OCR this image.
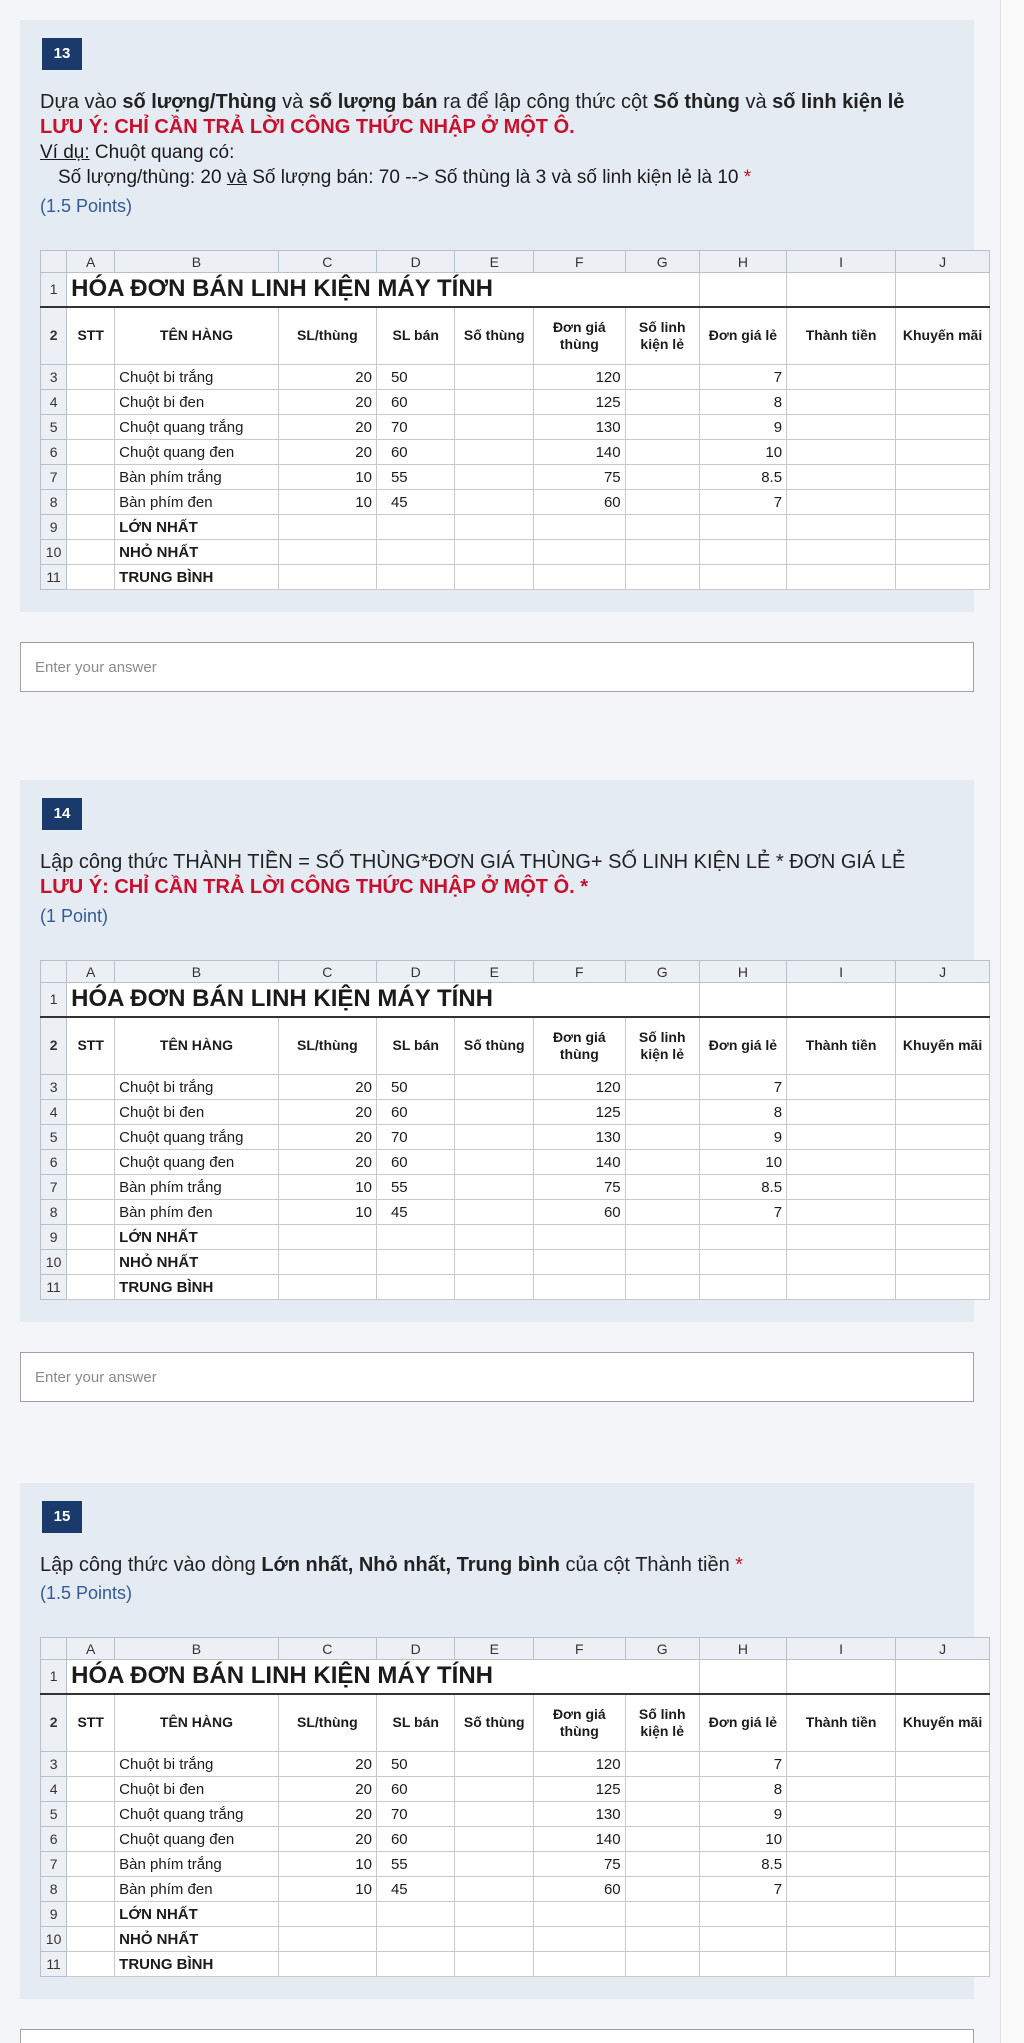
13
Dựa vào số lượng/Thùng và số lượng bán ra để lập công thức cột Số thùng và số linh kiện lẻ
LƯU Ý: CHỈ CẦN TRẢ LỜI CÔNG THỨC NHẬP Ở MỘT Ô.
Ví dụ: Chuột quang có:
Số lượng/thùng: 20 và Số lượng bán: 70 --> Số thùng là 3 và số linh kiện lẻ là 10 *
(1.5 Points)
	A	B	C	D	E	F	G	H	I	J
1	HÓA ĐƠN BÁN LINH KIỆN MÁY TÍNH									
2	STT	TÊN HÀNG	SL/thùng	SL bán	Số thùng	Đơn giá thùng	Số linh kiện lẻ	Đơn giá lẻ	Thành tiền	Khuyến mãi
3		Chuột bi trắng	20	50		120		7		
4		Chuột bi đen	20	60		125		8		
5		Chuột quang trắng	20	70		130		9		
6		Chuột quang đen	20	60		140		10		
7		Bàn phím trắng	10	55		75		8.5		
8		Bàn phím đen	10	45		60		7		
9		LỚN NHẤT								
10		NHỎ NHẤT								
11		TRUNG BÌNH								
Enter your answer
14
Lập công thức THÀNH TIỀN = SỐ THÙNG*ĐƠN GIÁ THÙNG+ SỐ LINH KIỆN LẺ * ĐƠN GIÁ LẺ
LƯU Ý: CHỈ CẦN TRẢ LỜI CÔNG THỨC NHẬP Ở MỘT Ô. *
(1 Point)
	A	B	C	D	E	F	G	H	I	J
1	HÓA ĐƠN BÁN LINH KIỆN MÁY TÍNH									
2	STT	TÊN HÀNG	SL/thùng	SL bán	Số thùng	Đơn giá thùng	Số linh kiện lẻ	Đơn giá lẻ	Thành tiền	Khuyến mãi
3		Chuột bi trắng	20	50		120		7		
4		Chuột bi đen	20	60		125		8		
5		Chuột quang trắng	20	70		130		9		
6		Chuột quang đen	20	60		140		10		
7		Bàn phím trắng	10	55		75		8.5		
8		Bàn phím đen	10	45		60		7		
9		LỚN NHẤT								
10		NHỎ NHẤT								
11		TRUNG BÌNH								
Enter your answer
15
Lập công thức vào dòng Lớn nhất, Nhỏ nhất, Trung bình của cột Thành tiền *
(1.5 Points)
	A	B	C	D	E	F	G	H	I	J
1	HÓA ĐƠN BÁN LINH KIỆN MÁY TÍNH									
2	STT	TÊN HÀNG	SL/thùng	SL bán	Số thùng	Đơn giá thùng	Số linh kiện lẻ	Đơn giá lẻ	Thành tiền	Khuyến mãi
3		Chuột bi trắng	20	50		120		7		
4		Chuột bi đen	20	60		125		8		
5		Chuột quang trắng	20	70		130		9		
6		Chuột quang đen	20	60		140		10		
7		Bàn phím trắng	10	55		75		8.5		
8		Bàn phím đen	10	45		60		7		
9		LỚN NHẤT								
10		NHỎ NHẤT								
11		TRUNG BÌNH								
